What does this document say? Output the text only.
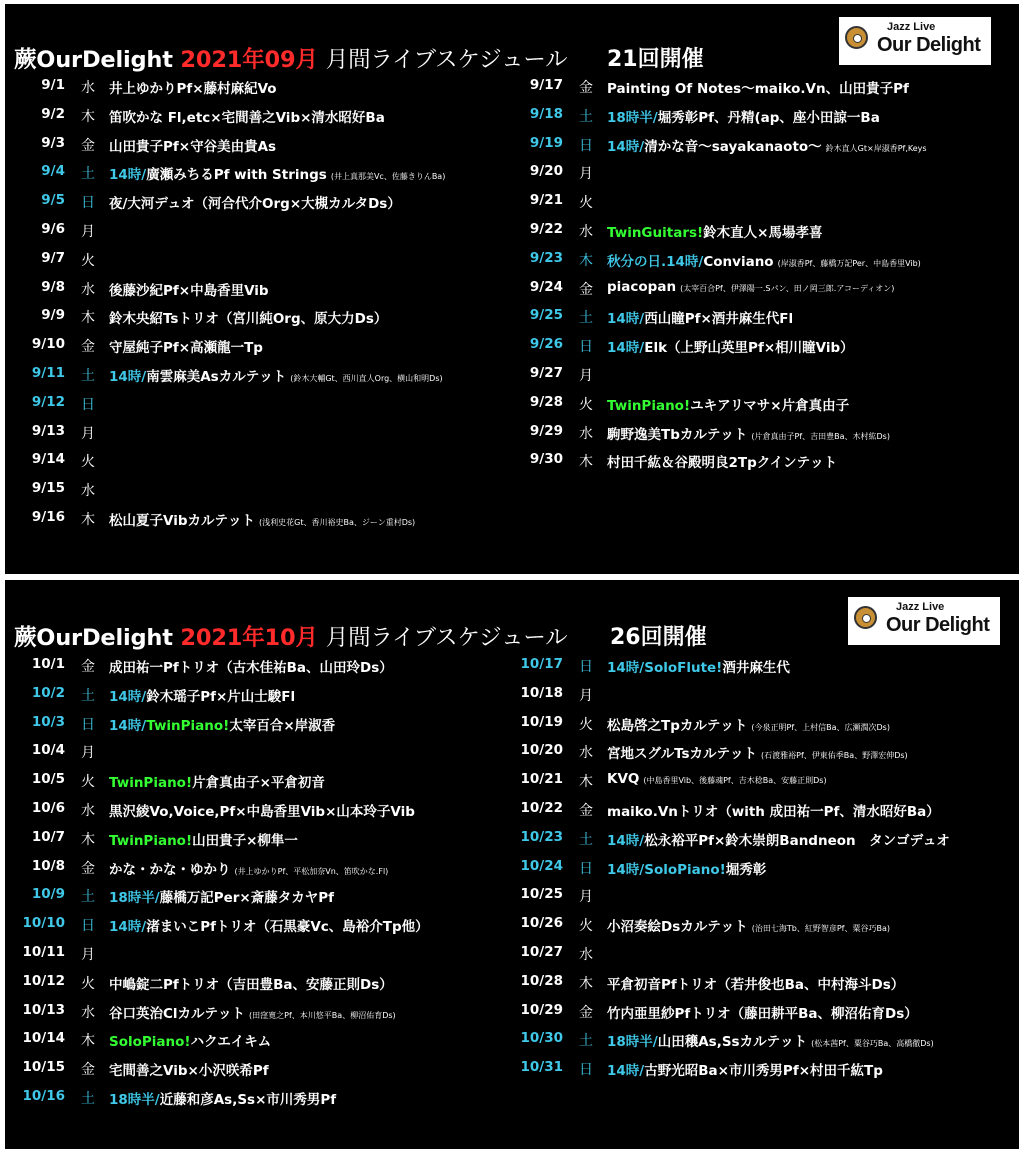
蕨OurDelight 2021年09月 月間ライブスケジュール 21回開催
Jazz Live
Our Delight
9/1 水 井上ゆかりPf×藤村麻紀Vo
9/2 木 笛吹かな Fl,etc×宅間善之Vib×清水昭好Ba
9/3 金 山田貴子Pf×守谷美由貴As
9/4 土 14時/廣瀬みちるPf with Strings (井上真那美Vc、佐藤きりんBa)
9/5 日 夜/大河デュオ（河合代介Org×大槻カルタDs）
9/6 月
9/7 火
9/8 水 後藤沙紀Pf×中島香里Vib
9/9 木 鈴木央紹Tsトリオ（宮川純Org、原大力Ds）
9/10 金 守屋純子Pf×高瀬龍一Tp
9/11 土 14時/南雲麻美Asカルテット (鈴木大輔Gt、西川直人Org、横山和明Ds)
9/12 日
9/13 月
9/14 火
9/15 水
9/16 木 松山夏子Vibカルテット (浅利史花Gt、香川裕史Ba、ジーン重村Ds)
9/17 金 Painting Of Notes～maiko.Vn、山田貴子Pf
9/18 土 18時半/堀秀彰Pf、丹精(ap、座小田諒一Ba
9/19 日 14時/清かな音～sayakanaoto～ 鈴木直人Gt×岸淑香Pf,Keys
9/20 月
9/21 火
9/22 水 TwinGuitars!鈴木直人×馬場孝喜
9/23 木 秋分の日.14時/Conviano (岸淑香Pf、藤橋万記Per、中島香里Vib)
9/24 金 piacopan (太宰百合Pf、伊澤陽一.Sパン、田ノ岡三郎.アコーディオン)
9/25 土 14時/西山瞳Pf×酒井麻生代Fl
9/26 日 14時/Elk（上野山英里Pf×相川瞳Vib）
9/27 月
9/28 火 TwinPiano!ユキアリマサ×片倉真由子
9/29 水 駒野逸美Tbカルテット (片倉真由子Pf、吉田豊Ba、木村紘Ds)
9/30 木 村田千紘＆谷殿明良2Tpクインテット
蕨OurDelight 2021年10月 月間ライブスケジュール 26回開催
Jazz Live
Our Delight
10/1 金 成田祐一Pfトリオ（古木佳祐Ba、山田玲Ds）
10/2 土 14時/鈴木瑶子Pf×片山士駿Fl
10/3 日 14時/TwinPiano!太宰百合×岸淑香
10/4 月
10/5 火 TwinPiano!片倉真由子×平倉初音
10/6 水 黒沢綾Vo,Voice,Pf×中島香里Vib×山本玲子Vib
10/7 木 TwinPiano!山田貴子×柳隼一
10/8 金 かな・かな・ゆかり (井上ゆかりPf、平松加奈Vn、笛吹かな.Fl)
10/9 土 18時半/藤橋万記Per×斎藤タカヤPf
10/10 日 14時/渚まいこPfトリオ（石黒豪Vc、島裕介Tp他）
10/11 月
10/12 火 中嶋錠二Pfトリオ（吉田豊Ba、安藤正則Ds）
10/13 水 谷口英治Clカルテット (田窪寛之Pf、本川悠平Ba、柳沼佑育Ds)
10/14 木 SoloPiano!ハクエイキム
10/15 金 宅間善之Vib×小沢咲希Pf
10/16 土 18時半/近藤和彦As,Ss×市川秀男Pf
10/17 日 14時/SoloFlute!酒井麻生代
10/18 月
10/19 火 松島啓之Tpカルテット (今泉正明Pf、上村信Ba、広瀬潤次Ds)
10/20 水 宮地スグルTsカルテット (石渡雅裕Pf、伊東佑季Ba、野澤宏伸Ds)
10/21 木 KVQ (中島香里Vib、後藤魂Pf、吉木稔Ba、安藤正則Ds)
10/22 金 maiko.Vnトリオ（with 成田祐一Pf、清水昭好Ba）
10/23 土 14時/松永裕平Pf×鈴木崇朗Bandneon　タンゴデュオ
10/24 日 14時/SoloPiano!堀秀彰
10/25 月
10/26 火 小沼奏絵Dsカルテット (治田七海Tb、紅野智彦Pf、粟谷巧Ba)
10/27 水
10/28 木 平倉初音Pfトリオ（若井俊也Ba、中村海斗Ds）
10/29 金 竹内亜里紗Pfトリオ（藤田耕平Ba、柳沼佑育Ds）
10/30 土 18時半/山田穣As,Ssカルテット (松本茜Pf、粟谷巧Ba、高橋徹Ds)
10/31 日 14時/古野光昭Ba×市川秀男Pf×村田千紘Tp
